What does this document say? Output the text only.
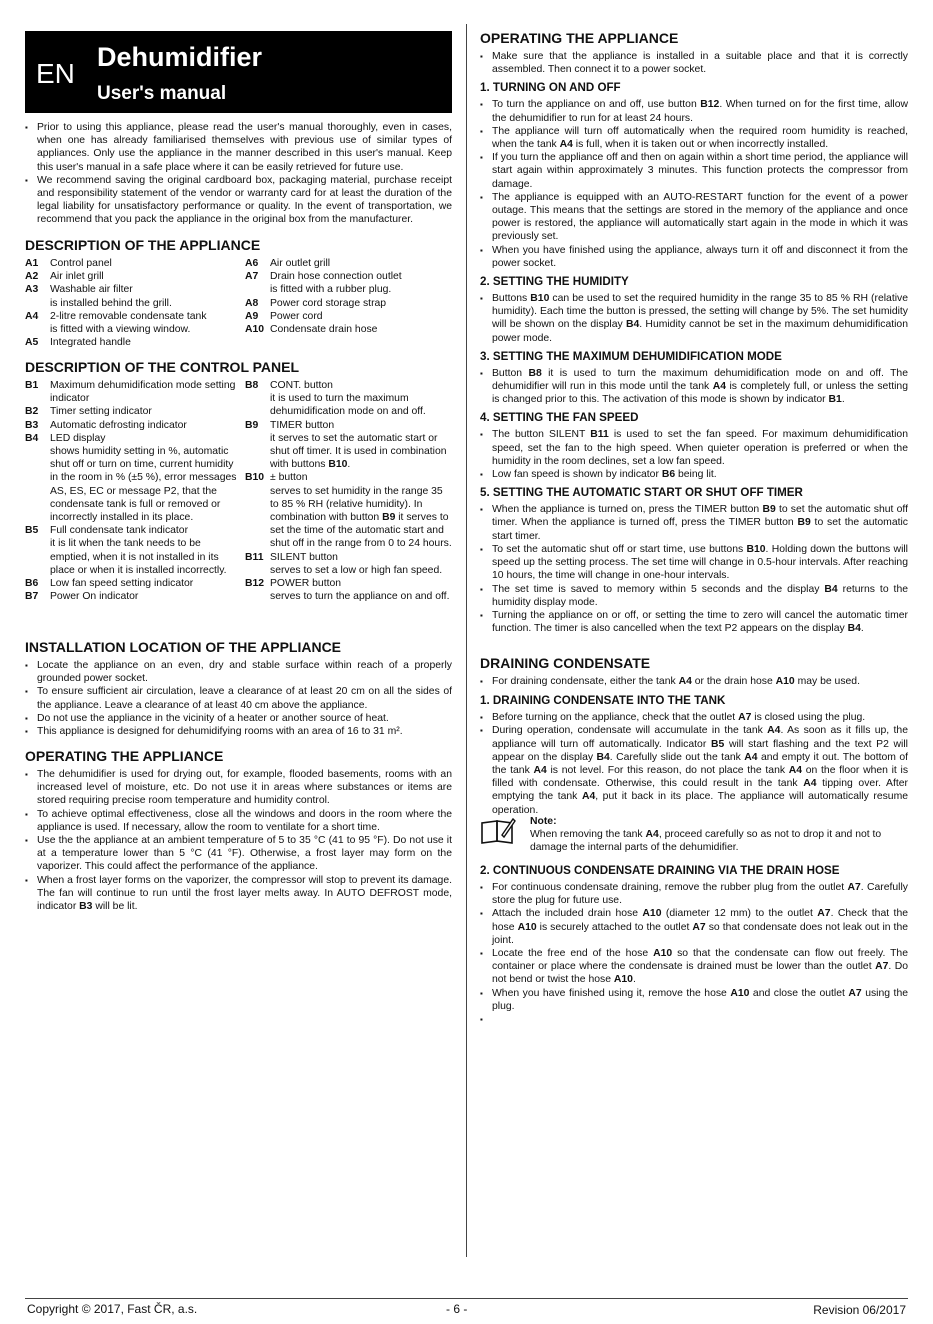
EN
Dehumidifier
User's manual
▪ Prior to using this appliance, please read the user's manual thoroughly, even in cases, when one has already familiarised themselves with previous use of similar types of appliances. Only use the appliance in the manner described in this user's manual. Keep this user's manual in a safe place where it can be easily retrieved for future use.
▪ We recommend saving the original cardboard box, packaging material, purchase receipt and responsibility statement of the vendor or warranty card for at least the duration of the legal liability for unsatisfactory performance or quality. In the event of transportation, we recommend that you pack the appliance in the original box from the manufacturer.
DESCRIPTION OF THE APPLIANCE
A1	Control panel
A2	Air inlet grill
A3	Washable air filter
is installed behind the grill.
A4	2-litre removable condensate tank
is fitted with a viewing window.
A5	Integrated handle
A6	Air outlet grill
A7	Drain hose connection outlet
is fitted with a rubber plug.
A8	Power cord storage strap
A9	Power cord
A10 Condensate drain hose
DESCRIPTION OF THE CONTROL PANEL
B1	Maximum dehumidification mode setting indicator
B2	Timer setting indicator
B3	Automatic defrosting indicator
B4	LED display
shows humidity setting in %, automatic shut off or turn on time, current humidity in the room in % (±5 %), error messages AS, ES, EC or message P2, that the condensate tank is full or removed or incorrectly installed in its place.
B5	Full condensate tank indicator
it is lit when the tank needs to be emptied, when it is not installed in its place or when it is installed incorrectly.
B6	Low fan speed setting indicator
B7	Power On indicator
B8	CONT. button
it is used to turn the maximum dehumidification mode on and off.
B9	TIMER button
it serves to set the automatic start or shut off timer. It is used in combination with buttons B10.
B10 ± button
serves to set humidity in the range 35 to 85 % RH (relative humidity). In combination with button B9 it serves to set the time of the automatic start and shut off in the range from 0 to 24 hours.
B11 SILENT button
serves to set a low or high fan speed.
B12 POWER button
serves to turn the appliance on and off.
INSTALLATION LOCATION OF THE APPLIANCE
▪ Locate the appliance on an even, dry and stable surface within reach of a properly grounded power socket.
▪ To ensure sufficient air circulation, leave a clearance of at least 20 cm on all the sides of the appliance. Leave a clearance of at least 40 cm above the appliance.
▪ Do not use the appliance in the vicinity of a heater or another source of heat.
▪ This appliance is designed for dehumidifying rooms with an area of 16 to 31 m².
OPERATING THE APPLIANCE
▪ The dehumidifier is used for drying out, for example, flooded basements, rooms with an increased level of moisture, etc. Do not use it in areas where substances or items are stored requiring precise room temperature and humidity control.
▪ To achieve optimal effectiveness, close all the windows and doors in the room where the appliance is used. If necessary, allow the room to ventilate for a short time.
▪ Use the the appliance at an ambient temperature of 5 to 35 °C (41 to 95 °F). Do not use it at a temperature lower than 5 °C (41 °F). Otherwise, a frost layer may form on the vaporizer. This could affect the performance of the appliance.
▪ When a frost layer forms on the vaporizer, the compressor will stop to prevent its damage. The fan will continue to run until the frost layer melts away. In AUTO DEFROST mode, indicator B3 will be lit.
OPERATING THE APPLIANCE
▪ Make sure that the appliance is installed in a suitable place and that it is correctly assembled. Then connect it to a power socket.
1. TURNING ON AND OFF
▪ To turn the appliance on and off, use button B12. When turned on for the first time, allow the dehumidifier to run for at least 24 hours.
▪ The appliance will turn off automatically when the required room humidity is reached, when the tank A4 is full, when it is taken out or when incorrectly installed.
▪ If you turn the appliance off and then on again within a short time period, the appliance will start again within approximately 3 minutes. This function protects the compressor from damage.
▪ The appliance is equipped with an AUTO-RESTART function for the event of a power outage. This means that the settings are stored in the memory of the appliance and once power is restored, the appliance will automatically start again in the mode in which it was previously set.
▪ When you have finished using the appliance, always turn it off and disconnect it from the power socket.
2. SETTING THE HUMIDITY
▪ Buttons B10 can be used to set the required humidity in the range 35 to 85 % RH (relative humidity). Each time the button is pressed, the setting will change by 5%. The set humidity will be shown on the display B4. Humidity cannot be set in the maximum dehumidification power mode.
3. SETTING THE MAXIMUM DEHUMIDIFICATION MODE
▪ Button B8 it is used to turn the maximum dehumidification mode on and off. The dehumidifier will run in this mode until the tank A4 is completely full, or unless the setting is changed prior to this. The activation of this mode is shown by indicator B1.
4. SETTING THE FAN SPEED
▪ The button SILENT B11 is used to set the fan speed. For maximum dehumidification speed, set the fan to the high speed. When quieter operation is preferred or when the humidity in the room declines, set a low fan speed.
▪ Low fan speed is shown by indicator B6 being lit.
5. SETTING THE AUTOMATIC START OR SHUT OFF TIMER
▪ When the appliance is turned on, press the TIMER button B9 to set the automatic shut off timer. When the appliance is turned off, press the TIMER button B9 to set the automatic start timer.
▪ To set the automatic shut off or start time, use buttons B10. Holding down the buttons will speed up the setting process. The set time will change in 0.5-hour intervals. After reaching 10 hours, the time will change in one-hour intervals.
▪ The set time is saved to memory within 5 seconds and the display B4 returns to the humidity display mode.
▪ Turning the appliance on or off, or setting the time to zero will cancel the automatic timer function. The timer is also cancelled when the text P2 appears on the display B4.
DRAINING CONDENSATE
▪ For draining condensate, either the tank A4 or the drain hose A10 may be used.
1. DRAINING CONDENSATE INTO THE TANK
▪ Before turning on the appliance, check that the outlet A7 is closed using the plug.
▪ During operation, condensate will accumulate in the tank A4. As soon as it fills up, the appliance will turn off automatically. Indicator B5 will start flashing and the text P2 will appear on the display B4. Carefully slide out the tank A4 and empty it out. The bottom of the tank A4 is not level. For this reason, do not place the tank A4 on the floor when it is filled with condensate. Otherwise, this could result in the tank A4 tipping over. After emptying the tank A4, put it back in its place. The appliance will automatically resume operation.
Note:
When removing the tank A4, proceed carefully so as not to drop it and not to damage the internal parts of the dehumidifier.
2. CONTINUOUS CONDENSATE DRAINING VIA THE DRAIN HOSE
▪ For continuous condensate draining, remove the rubber plug from the outlet A7. Carefully store the plug for future use.
▪ Attach the included drain hose A10 (diameter 12 mm) to the outlet A7. Check that the hose A10 is securely attached to the outlet A7 so that condensate does not leak out in the joint.
▪ Locate the free end of the hose A10 so that the condensate can flow out freely. The container or place where the condensate is drained must be lower than the outlet A7. Do not bend or twist the hose A10.
▪ When you have finished using it, remove the hose A10 and close the outlet A7 using the plug.
Copyright © 2017, Fast ČR, a.s.	- 6 -	Revision 06/2017
